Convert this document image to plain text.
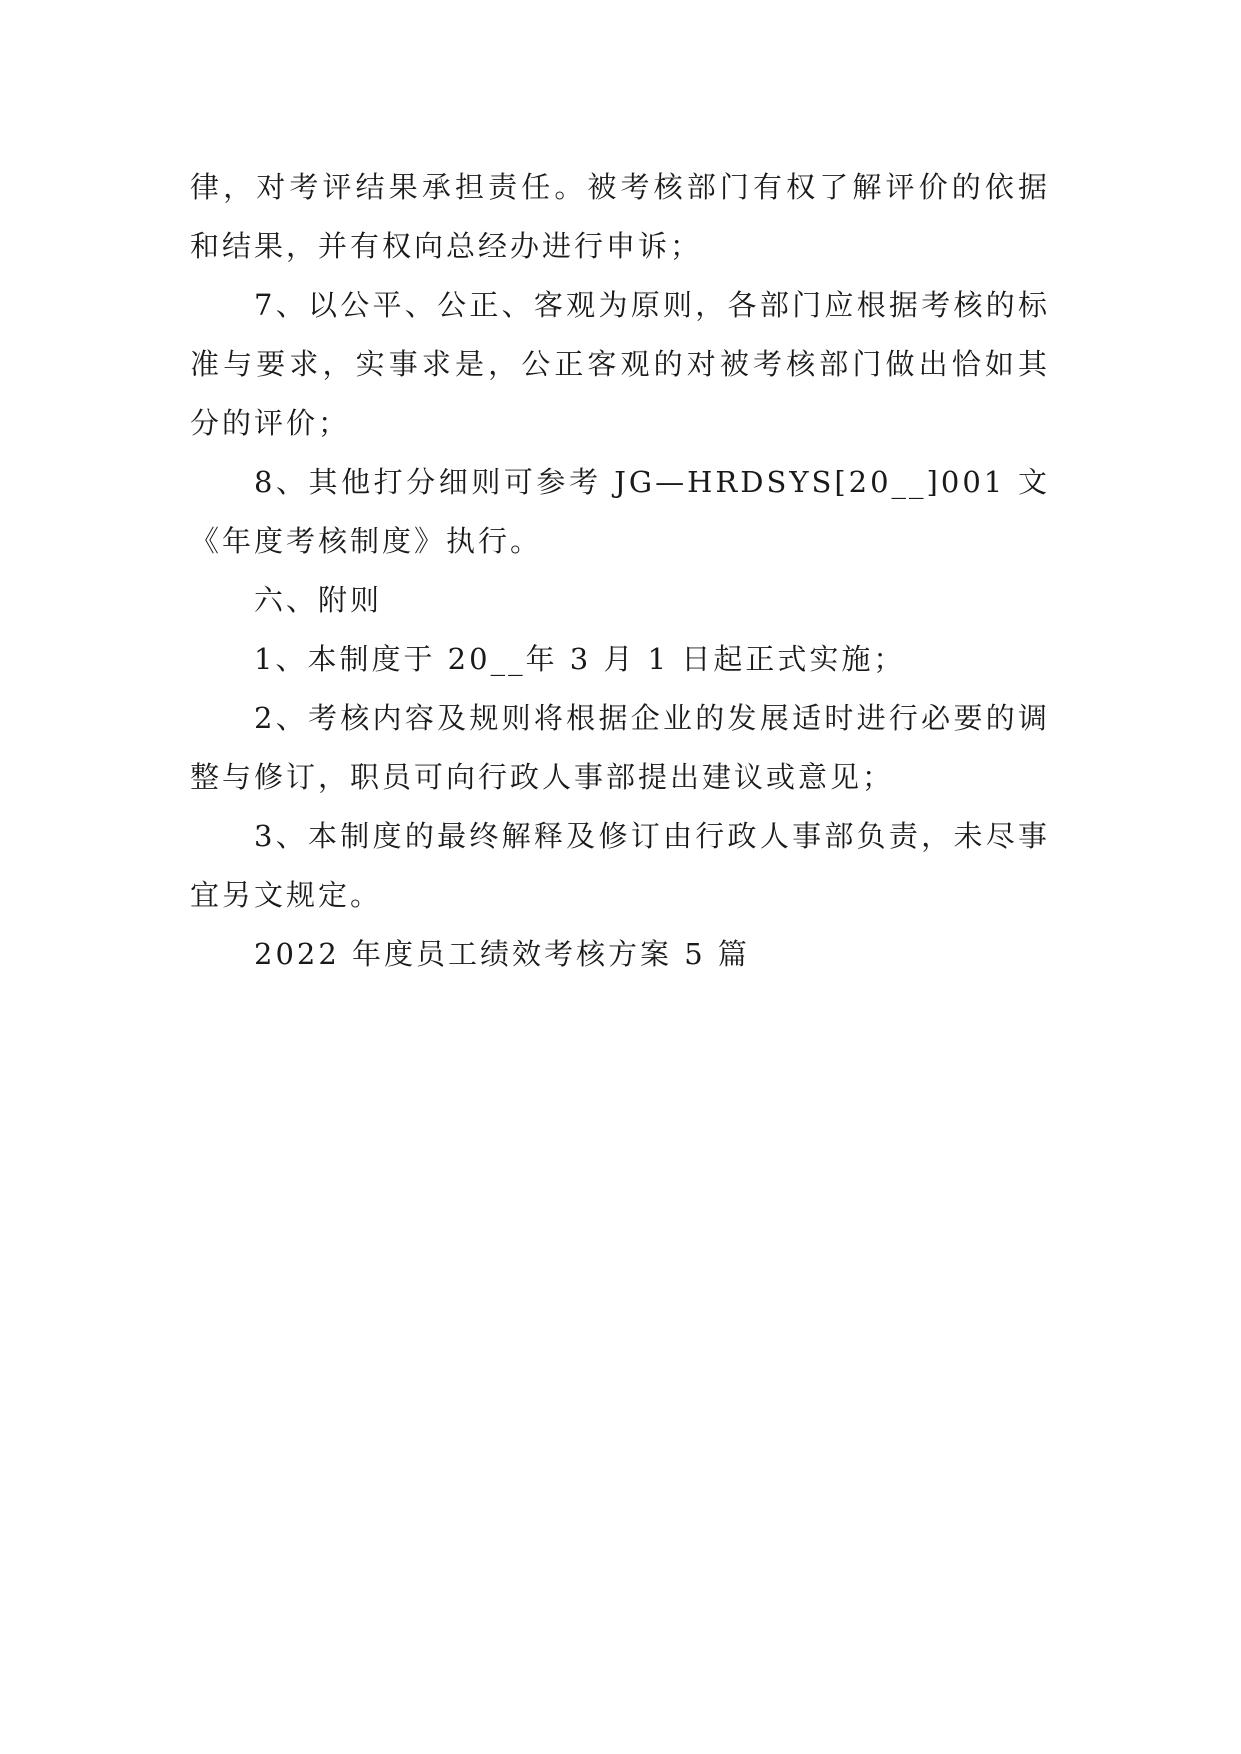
律，对考评结果承担责任。被考核部门有权了解评价的依据和结果，并有权向总经办进行申诉；

7、以公平、公正、客观为原则，各部门应根据考核的标准与要求，实事求是，公正客观的对被考核部门做出恰如其分的评价；

8、其他打分细则可参考 JG—HRDSYS[20__]001 文《年度考核制度》执行。

六、附则

1、本制度于 20__年 3 月 1 日起正式实施；

2、考核内容及规则将根据企业的发展适时进行必要的调整与修订，职员可向行政人事部提出建议或意见；

3、本制度的最终解释及修订由行政人事部负责，未尽事宜另文规定。

2022 年度员工绩效考核方案 5 篇
